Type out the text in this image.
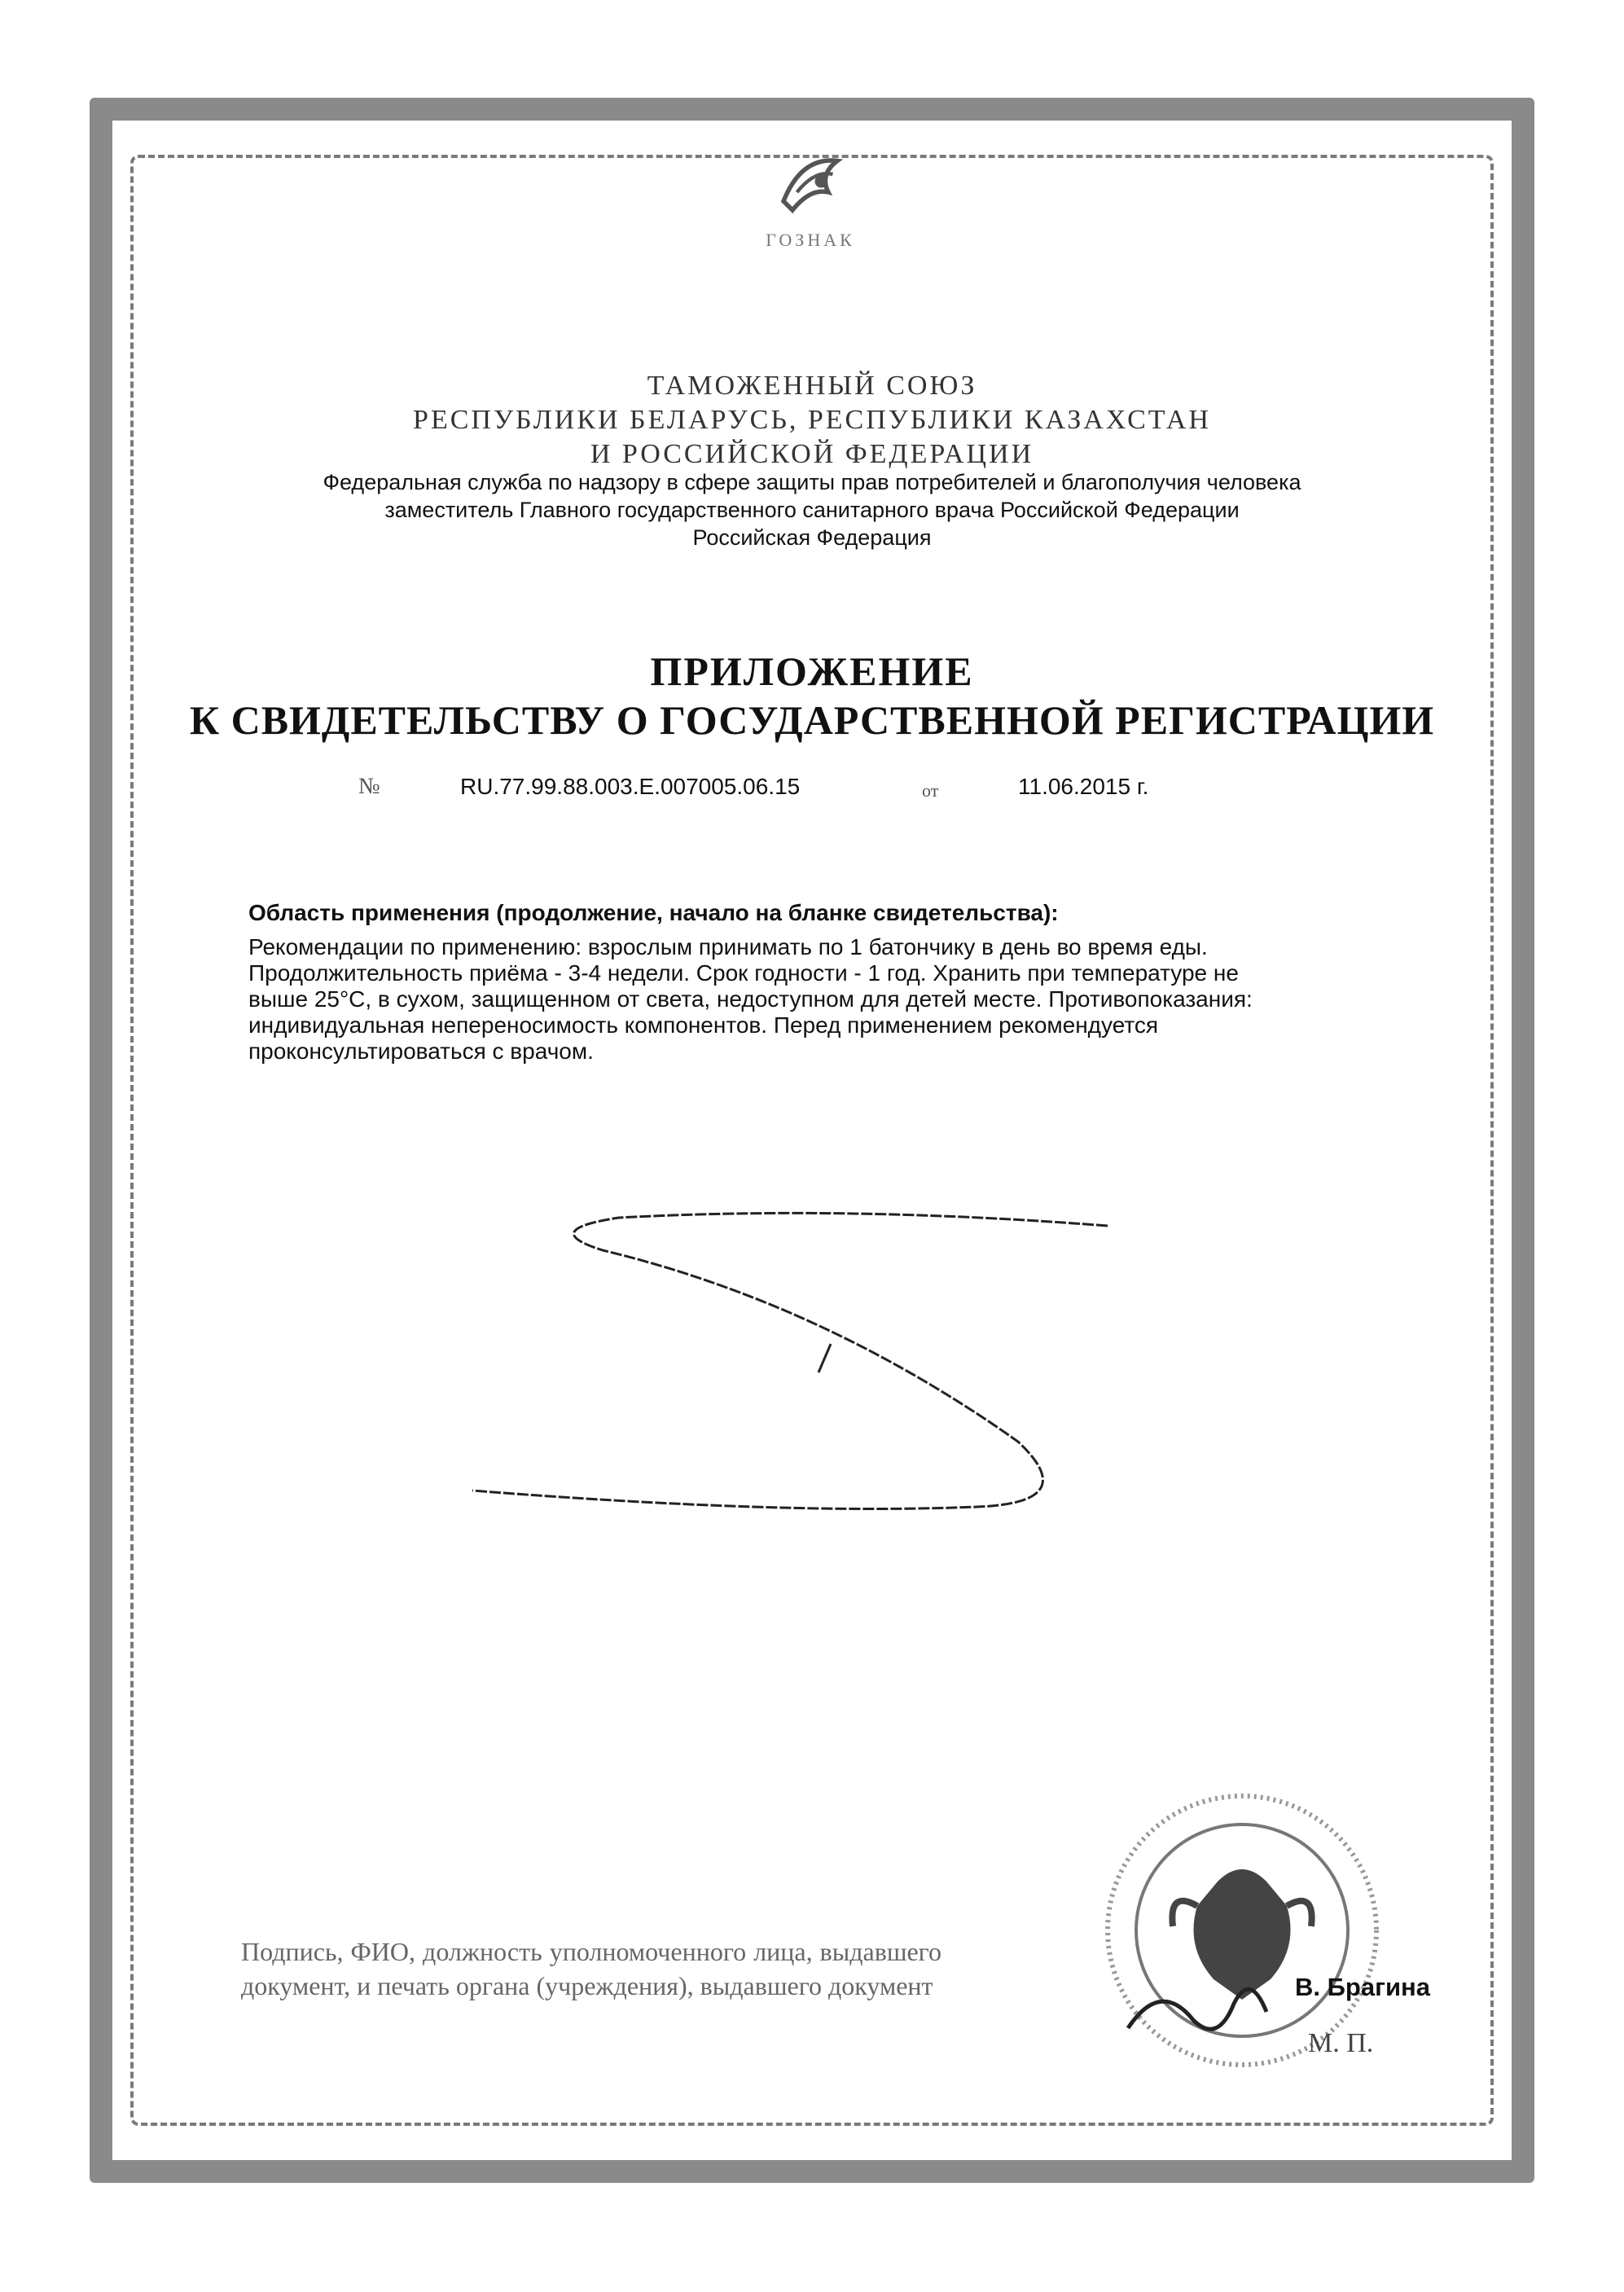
ГОЗНАК
ТАМОЖЕННЫЙ СОЮЗ
РЕСПУБЛИКИ БЕЛАРУСЬ, РЕСПУБЛИКИ КАЗАХСТАН
И РОССИЙСКОЙ ФЕДЕРАЦИИ
Федеральная служба по надзору в сфере защиты прав потребителей и благополучия человека
заместитель Главного государственного санитарного врача Российской Федерации
Российская Федерация
ПРИЛОЖЕНИЕ
К СВИДЕТЕЛЬСТВУ О ГОСУДАРСТВЕННОЙ РЕГИСТРАЦИИ
№	RU.77.99.88.003.E.007005.06.15	от	11.06.2015 г.
Область применения (продолжение, начало на бланке свидетельства):
Рекомендации по применению: взрослым принимать по 1 батончику в день во время еды.
Продолжительность приёма - 3-4 недели. Срок годности - 1 год. Хранить при температуре не
выше 25°С, в сухом, защищенном от света, недоступном для детей месте. Противопоказания:
индивидуальная непереносимость компонентов. Перед применением рекомендуется
проконсультироваться с врачом.
Подпись, ФИО, должность уполномоченного лица, выдавшего документ, и печать органа (учреждения), выдавшего документ	В. Брагина
М. П.
